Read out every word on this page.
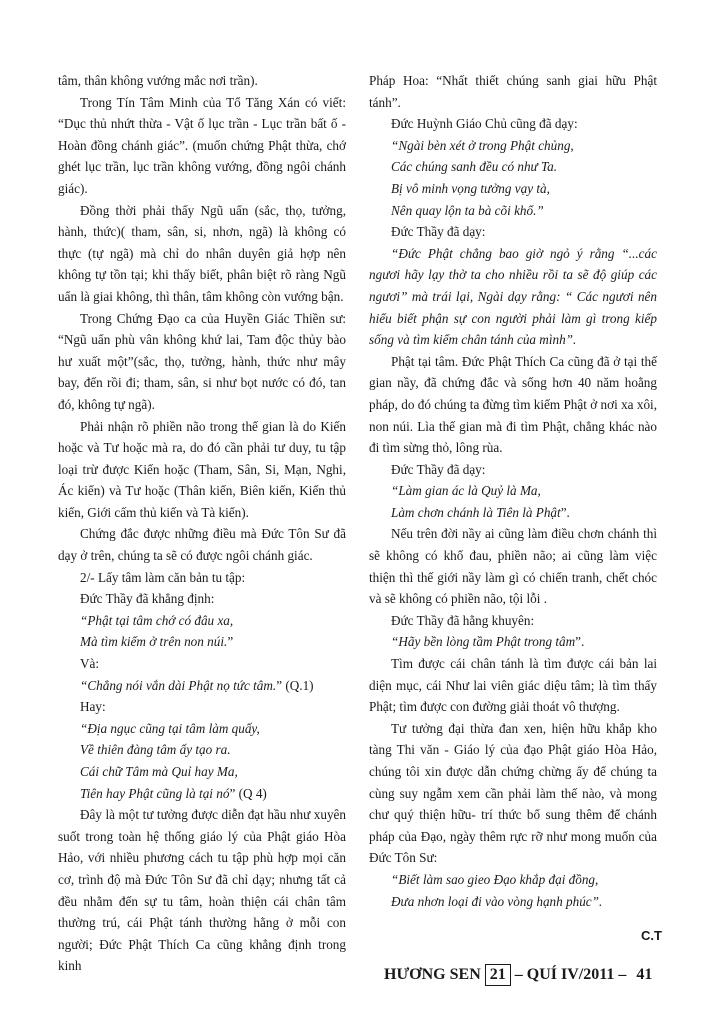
tâm, thân không vướng mắc nơi trần).

Trong Tín Tâm Minh của Tổ Tăng Xán có viết: “Dục thủ nhứt thừa - Vật ố lục trần - Lục trần bất ố - Hoàn đồng chánh giác”. (muốn chứng Phật thừa, chớ ghét lục trần, lục trần không vướng, đồng ngôi chánh giác).

Đồng thời phải thấy Ngũ uẩn (sắc, thọ, tưởng, hành, thức)( tham, sân, si, nhơn, ngã) là không có thực (tự ngã) mà chỉ do nhân duyên giả hợp nên không tự tồn tại; khi thấy biết, phân biệt rõ ràng Ngũ uẩn là giai không, thì thân, tâm không còn vướng bận.

Trong Chứng Đạo ca của Huyền Giác Thiền sư: “Ngũ uẩn phù vân không khứ lai, Tam độc thủy bào hư xuất một”(sắc, thọ, tưởng, hành, thức như mây bay, đến rồi đi; tham, sân, si như bọt nước có đó, tan đó, không tự ngã).

Phải nhận rõ phiền não trong thế gian là do Kiến hoặc và Tư hoặc mà ra, do đó cần phải tư duy, tu tập loại trừ được Kiến hoặc (Tham, Sân, Si, Mạn, Nghi, Ác kiến) và Tư hoặc (Thân kiến, Biên kiến, Kiến thủ kiến, Giới cấm thủ kiến và Tà kiến).

Chứng đắc được những điều mà Đức Tôn Sư đã dạy ở trên, chúng ta sẽ có được ngôi chánh giác.

2/- Lấy tâm làm căn bản tu tập:

Đức Thầy đã khẳng định:

“Phật tại tâm chớ có đâu xa,

Mà tìm kiếm ở trên non núi.”

Và:

“Chẳng nói vắn dài Phật nọ tức tâm.” (Q.1)

Hay:

“Địa ngục cũng tại tâm làm quấy,

Về thiên đàng tâm ấy tạo ra.

Cái chữ Tâm mà Quỉ hay Ma,

Tiên hay Phật cũng là tại nó” (Q 4)

Đây là một tư tưởng được diễn đạt hầu như xuyên suốt trong toàn hệ thống giáo lý của Phật giáo Hòa Hảo, với nhiều phương cách tu tập phù hợp mọi căn cơ, trình độ mà Đức Tôn Sư đã chỉ dạy; nhưng tất cả đều nhằm đến sự tu tâm, hoàn thiện cái chân tâm thường trú, cái Phật tánh thường hằng ở mỗi con người; Đức Phật Thích Ca cũng khẳng định trong kinh

Pháp Hoa: “Nhất thiết chúng sanh giai hữu Phật tánh”.

Đức Huỳnh Giáo Chủ cũng đã dạy:

“Ngài bèn xét ở trong Phật chủng,

Các chúng sanh đều có như Ta.

Bị vô minh vọng tưởng vạy tà,

Nên quay lộn ta bà cõi khổ.”

Đức Thầy đã dạy:

“Đức Phật chẳng bao giờ ngỏ ý rằng “...các ngươi hãy lạy thờ ta cho nhiều rồi ta sẽ độ giúp các ngươi” mà trái lại, Ngài dạy rằng: “ Các ngươi nên hiểu biết phận sự con người phải làm gì trong kiếp sống và tìm kiếm chân tánh của mình”.

Phật tại tâm. Đức Phật Thích Ca cũng đã ở tại thế gian nầy, đã chứng đắc và sống hơn 40 năm hoằng pháp, do đó chúng ta đừng tìm kiếm Phật ở nơi xa xôi, non núi. Lìa thế gian mà đi tìm Phật, chẳng khác nào đi tìm sừng thỏ, lông rùa.

Đức Thầy đã dạy:

“Làm gian ác là Quỷ là Ma,

Làm chơn chánh là Tiên là Phật”.

Nếu trên đời nầy ai cũng làm điều chơn chánh thì sẽ không có khổ đau, phiền não; ai cũng làm việc thiện thì thế giới nầy làm gì có chiến tranh, chết chóc và sẽ không có phiền não, tội lỗi .

Đức Thầy đã hằng khuyên:

“Hãy bền lòng tầm Phật trong tâm”.

Tìm được cái chân tánh là tìm được cái bản lai diện mục, cái Như lai viên giác diệu tâm; là tìm thấy Phật; tìm được con đường giải thoát vô thượng.

Tư tưởng đại thừa đan xen, hiện hữu khắp kho tàng Thi văn - Giáo lý của đạo Phật giáo Hòa Hảo, chúng tôi xin được dẫn chứng chừng ấy để chúng ta cùng suy ngẫm xem cần phải làm thế nào, và mong chư quý thiện hữu- trí thức bổ sung thêm để chánh pháp của Đạo, ngày thêm rực rỡ như mong muốn của Đức Tôn Sư:

“Biết làm sao gieo Đạo khắp đại đồng,

Đưa nhơn loại đi vào vòng hạnh phúc”.

C.T
HƯƠNG SEN 21 – QUÍ IV/2011 – 41
